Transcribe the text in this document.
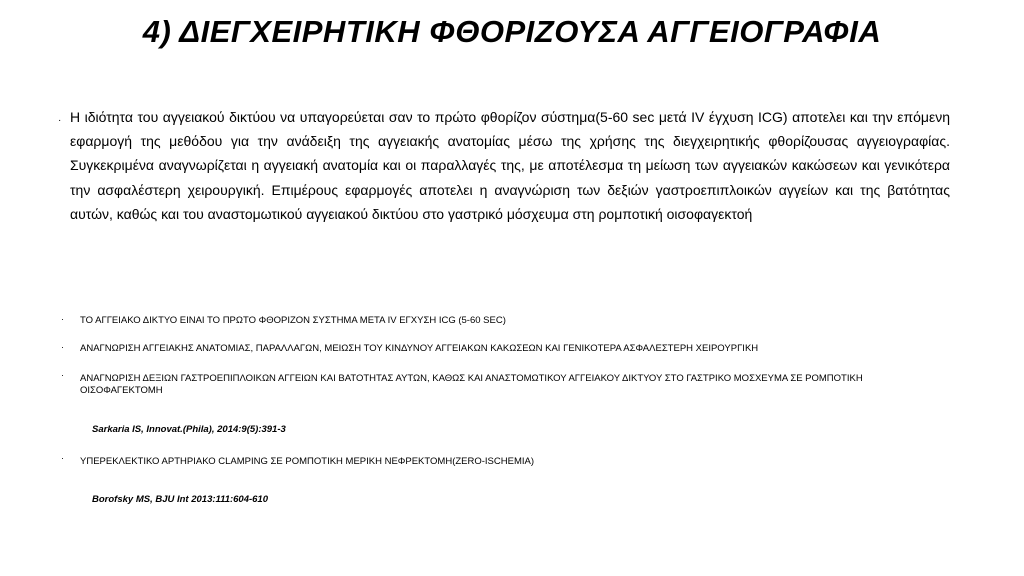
4) ΔΙΕΓΧΕΙΡΗΤΙΚΗ ΦΘΟΡΙΖΟΥΣΑ ΑΓΓΕΙΟΓΡΑΦΙΑ
· Η ιδιότητα του αγγειακού δικτύου να υπαγορεύεται σαν το πρώτο φθορίζον σύστημα(5-60 sec μετά IV έγχυση ICG) αποτελει και την επόμενη εφαρμογή της μεθόδου για την ανάδειξη της αγγειακής ανατομίας μέσω της χρήσης της διεγχειρητικής φθορίζουσας αγγειογραφίας. Συγκεκριμένα αναγνωρίζεται η αγγειακή ανατομία και οι παραλλαγές της, με αποτέλεσμα τη μείωση των αγγειακών κακώσεων και γενικότερα την ασφαλέστερη χειρουργική. Επιμέρους εφαρμογές αποτελει η αναγνώριση των δεξιών γαστροεπιπλοικών αγγείων και της βατότητας αυτών, καθώς και του αναστομωτικού αγγειακού δικτύου στο γαστρικό μόσχευμα στη ρομποτική οισοφαγεκτοή
· ΤΟ ΑΓΓΕΙΑΚΟ ΔΙΚΤΥΟ ΕΙΝΑΙ ΤΟ ΠΡΩΤΟ ΦΘΟΡΙΖΟΝ ΣΥΣΤΗΜΑ ΜΕΤΑ IV ΕΓΧΥΣΗ ICG (5-60 SEC)
· ΑΝΑΓΝΩΡΙΣΗ ΑΓΓΕΙΑΚΗΣ ΑΝΑΤΟΜΙΑΣ, ΠΑΡΑΛΛΑΓΩΝ, ΜΕΙΩΣΗ ΤΟΥ ΚΙΝΔΥΝΟΥ ΑΓΓΕΙΑΚΩΝ ΚΑΚΩΣΕΩΝ ΚΑΙ ΓΕΝΙΚΟΤΕΡΑ ΑΣΦΑΛΕΣΤΕΡΗ ΧΕΙΡΟΥΡΓΙΚΗ
· ΑΝΑΓΝΩΡΙΣΗ ΔΕΞΙΩΝ ΓΑΣΤΡΟΕΠΙΠΛΟΙΚΩΝ ΑΓΓΕΙΩΝ ΚΑΙ ΒΑΤΟΤΗΤΑΣ ΑΥΤΩΝ, ΚΑΘΩΣ ΚΑΙ ΑΝΑΣΤΟΜΩΤΙΚΟΥ ΑΓΓΕΙΑΚΟΥ ΔΙΚΤΥΟΥ ΣΤΟ ΓΑΣΤΡΙΚΟ ΜΟΣΧΕΥΜΑ ΣΕ ΡΟΜΠΟΤΙΚΗ ΟΙΣΟΦΑΓΕΚΤΟΜΗ
Sarkaria IS, Innovat.(Phila), 2014:9(5):391-3
· ΥΠΕΡΕΚΛΕΚΤΙΚΟ ΑΡΤΗΡΙΑΚΟ CLAMPING ΣΕ ΡΟΜΠΟΤΙΚΗ ΜΕΡΙΚΗ ΝΕΦΡΕΚΤΟΜΗ(ZERO-ISCHEMIA)
Borofsky MS, BJU Int 2013:111:604-610
